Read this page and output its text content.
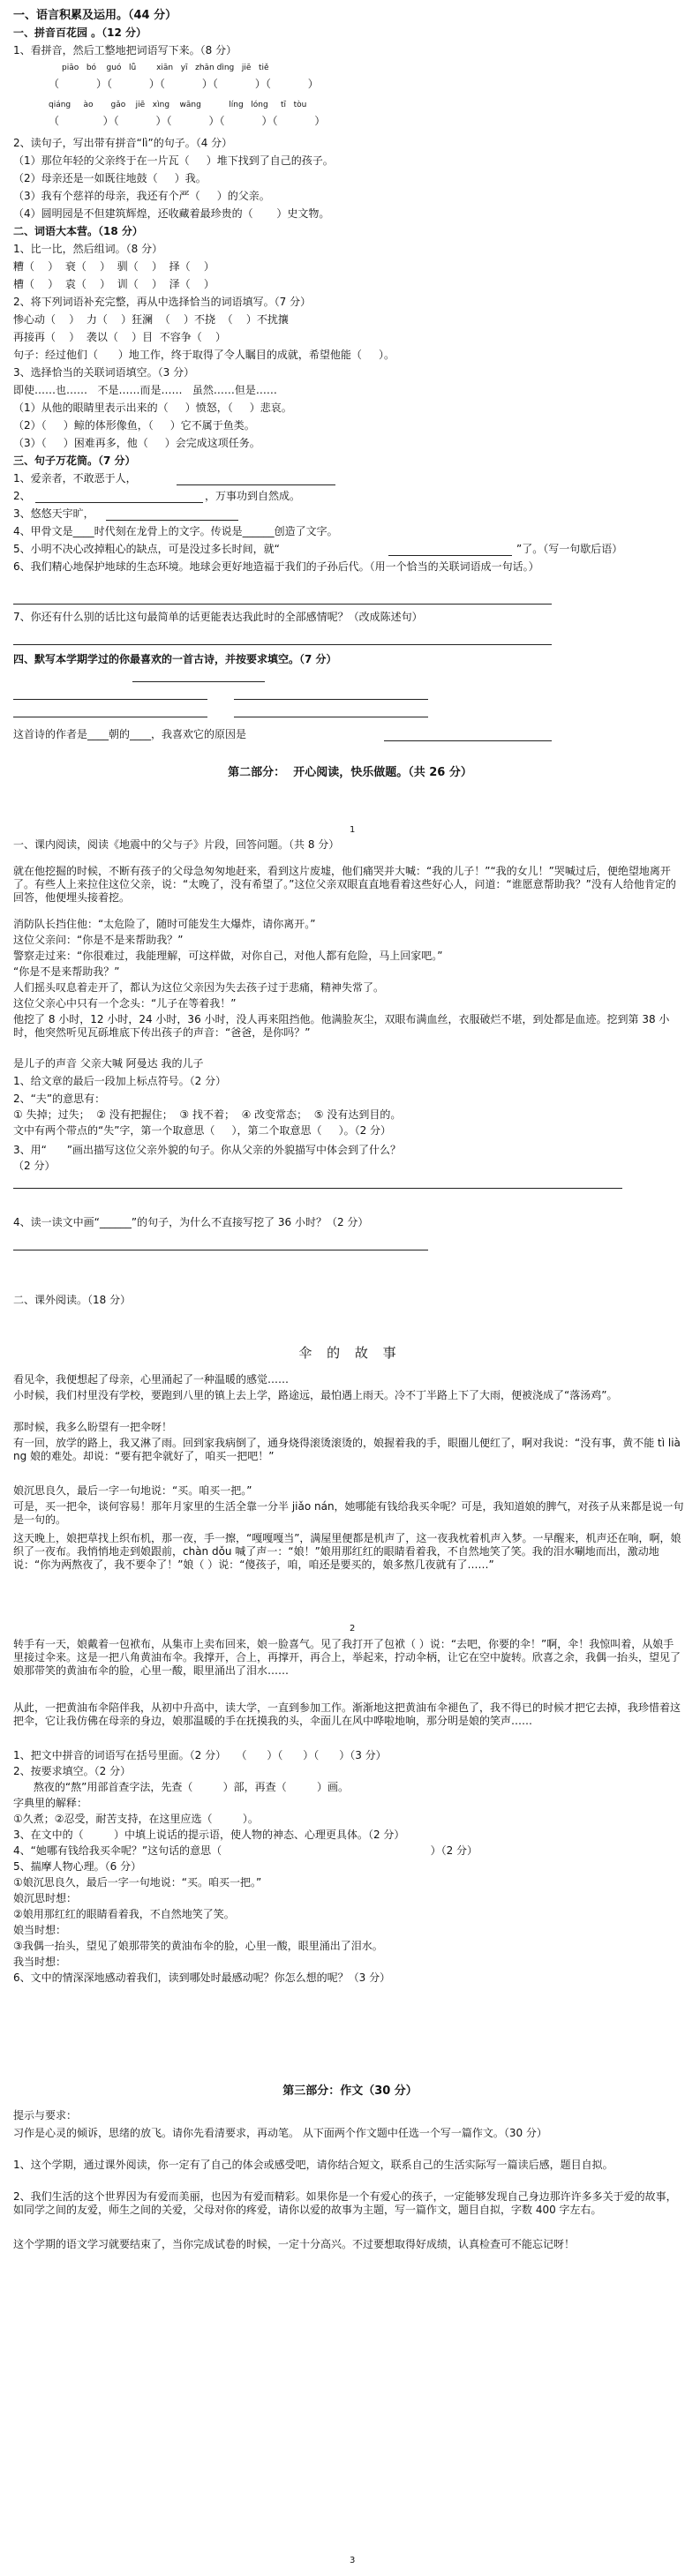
一、语言积累及运用。（44 分）
一、拼音百花园 。（12 分）
1、看拼音，然后工整地把词语写下来。（8 分）
piāo   bó    guó   lǚ        xiān   yī   zhān dìng   jiē   tiě
（           ）（           ）（           ）（           ）（           ）
qiáng     ào       gǎo    jiē   xìng    wāng           líng   lóng     tī   tòu
（             ）（           ）（           ）（           ）（           ）
2、读句子，写出带有拼音“lì”的句子。（4 分）
（1）那位年轻的父亲终于在一片瓦（     ）堆下找到了自己的孩子。
（2）母亲还是一如既往地鼓（     ）我。
（3）我有个慈祥的母亲，我还有个严（     ）的父亲。
（4）圆明园是不但建筑辉煌，还收藏着最珍贵的（       ）史文物。
二、词语大本营。（18 分）
1、比一比，然后组词。（8 分）
糟（    ）  衰（    ）  驯（    ）  择（    ）
槽（    ）  袁（    ）  训（    ）  泽（    ）
2、将下列词语补充完整，再从中选择恰当的词语填写。（7 分）
惨心动（    ）  力（    ）狂澜  （    ）不挠  （    ）不扰攘
再接再（    ）  袭以（    ）目  不容争（    ）
句子：经过他们（      ）地工作，终于取得了令人瞩目的成就，希望他能（     ）。
3、选择恰当的关联词语填空。（3 分）
即使……也……   不是……而是……   虽然……但是……
（1）从他的眼睛里表示出来的（     ）愤怒，（     ）悲哀。
（2）（     ）鲸的体形像鱼，（     ）它不属于鱼类。
（3）（     ）困难再多，他（     ）会完成这项任务。
三、句子万花筒。（7 分）
1、爱亲者，不敢恶于人，
2、	，万事功到自然成。
3、悠悠天宇旷，
4、甲骨文是____时代刻在龙骨上的文字。传说是______创造了文字。
5、小明不决心改掉粗心的缺点，可是没过多长时间，就“	”了。（写一句歇后语）
6、我们精心地保护地球的生态环境。地球会更好地造福于我们的子孙后代。（用一个恰当的关联词语成一句话。）
7、你还有什么别的话比这句最简单的话更能表达我此时的全部感情呢？（改成陈述句）
四、默写本学期学过的你最喜欢的一首古诗，并按要求填空。（7 分）
这首诗的作者是____朝的____，我喜欢它的原因是
第二部分：  开心阅读，快乐做题。（共 26 分）
1
一、课内阅读，阅读《地震中的父与子》片段，回答问题。（共 8 分）
就在他挖掘的时候，不断有孩子的父母急匆匆地赶来，看到这片废墟，他们痛哭并大喊：“我的儿子！”“我的女儿！”哭喊过后，便绝望地离开了。有些人上来拉住这位父亲，说：“太晚了，没有希望了。”这位父亲双眼直直地看着这些好心人，问道：“谁愿意帮助我？”没有人给他肯定的回答，他便埋头接着挖。
消防队长挡住他：“太危险了，随时可能发生大爆炸，请你离开。”
这位父亲问：“你是不是来帮助我？”
警察走过来：“你很难过，我能理解，可这样做，对你自己，对他人都有危险，马上回家吧。”
“你是不是来帮助我？”
人们摇头叹息着走开了，都认为这位父亲因为失去孩子过于悲痛，精神失常了。
这位父亲心中只有一个念头：“儿子在等着我！”
他挖了 8 小时，12 小时，24 小时，36 小时，没人再来阻挡他。他满脸灰尘，双眼布满血丝，衣服破烂不堪，到处都是血迹。挖到第 38 小时，他突然听见瓦砾堆底下传出孩子的声音：“爸爸，是你吗？”
是儿子的声音 父亲大喊 阿曼达 我的儿子
1、给文章的最后一段加上标点符号。（2 分）
2、“夫”的意思有：
① 失掉；过失；  ② 没有把握住；  ③ 找不着；  ④ 改变常态；  ⑤ 没有达到目的。
文中有两个带点的“失”字，第一个取意思（     ），第二个取意思（     ）。（2 分）
3、用“      ”画出描写这位父亲外貌的句子。你从父亲的外貌描写中体会到了什么？
（2 分）
4、读一读文中画“______”的句子，为什么不直接写挖了 36 小时？（2 分）
二、课外阅读。（18 分）
伞 的 故 事
看见伞，我便想起了母亲，心里涌起了一种温暖的感觉……
小时候，我们村里没有学校，要跑到八里的镇上去上学，路途远，最怕遇上雨天。冷不丁半路上下了大雨，便被浇成了“落汤鸡”。
那时候，我多么盼望有一把伞呀！
有一回，放学的路上，我又淋了雨。回到家我病倒了，通身烧得滚烫滚烫的，娘握着我的手，眼圈儿便红了，啊对我说：“没有事，黄不能 tì liàng 娘的难处。却说：“要有把伞就好了，咱买一把吧！”
娘沉思良久，最后一字一句地说：“买。咱买一把。”
可是，买一把伞，谈何容易！那年月家里的生活全靠一分半 jiǎo nán，她哪能有钱给我买伞呢？可是，我知道娘的脾气，对孩子从来都是说一句是一句的。
这天晚上，娘把草找上织布机，那一夜，手一擦，“嘎嘎嘎当”，满屋里便都是机声了，这一夜我枕着机声入梦。一早醒来，机声还在响，啊，娘织了一夜布。我悄悄地走到娘跟前，chàn dǒu 喊了声一：“娘！”娘用那红红的眼睛看着我，不自然地笑了笑。我的泪水唰地而出，激动地说：“你为两熬夜了，我不要伞了！”娘（ ）说：“傻孩子，咱，咱还是要买的，娘多熬几夜就有了……”
2
转手有一天，娘戴着一包袱布，从集市上卖布回来，娘一脸喜气。见了我打开了包袱（ ）说：“去吧，你要的伞！”啊，伞！我惊叫着，从娘手里接过伞来。这是一把八角黄油布伞。我撑开，合上，再撑开，再合上，举起来，拧动伞柄，让它在空中旋转。欣喜之余，我偶一抬头，望见了娘那带笑的黄油布伞的脸，心里一酸，眼里涌出了泪水……
从此，一把黄油布伞陪伴我，从初中升高中，读大学，一直到参加工作。渐渐地这把黄油布伞褪色了，我不得已的时候才把它去掉，我珍惜着这把伞，它让我仿佛在母亲的身边，娘那温暖的手在抚摸我的头，伞面儿在风中哗啦地响，那分明是娘的笑声……
1、把文中拼音的词语写在括号里面。（2 分）   （      ）（      ）（      ）（3 分）
2、按要求填空。（2 分）
熬夜的“熬”用部首查字法，先查（         ）部，再查（         ）画。
字典里的解释：
①久煮；②忍受，耐苦支持，在这里应选（         ）。
3、在文中的（         ）中填上说话的提示语，使人物的神态、心理更具体。（2 分）
4、“她哪有钱给我买伞呢？”这句话的意思（                                                              ）（2 分）
5、揣摩人物心理。（6 分）
①娘沉思良久，最后一字一句地说：“买。咱买一把。”
娘沉思时想：
②娘用那红红的眼睛看着我，不自然地笑了笑。
娘当时想：
③我偶一抬头，望见了娘那带笑的黄油布伞的脸，心里一酸，眼里涌出了泪水。
我当时想：
6、文中的情深深地感动着我们，读到哪处时最感动呢？你怎么想的呢？（3 分）
第三部分：作文（30 分）
提示与要求：
习作是心灵的倾诉，思绪的放飞。请你先看清要求，再动笔。 从下面两个作文题中任选一个写一篇作文。（30 分）
1、这个学期，通过课外阅读，你一定有了自己的体会或感受吧，请你结合短文，联系自己的生活实际写一篇读后感，题目自拟。
2、我们生活的这个世界因为有爱而美丽，也因为有爱而精彩。如果你是一个有爱心的孩子，一定能够发现自己身边那许许多多关于爱的故事，如同学之间的友爱，师生之间的关爱，父母对你的疼爱，请你以爱的故事为主题，写一篇作文，题目自拟，字数 400 字左右。
这个学期的语文学习就要结束了，当你完成试卷的时候，一定十分高兴。不过要想取得好成绩，认真检查可不能忘记呀！
3
